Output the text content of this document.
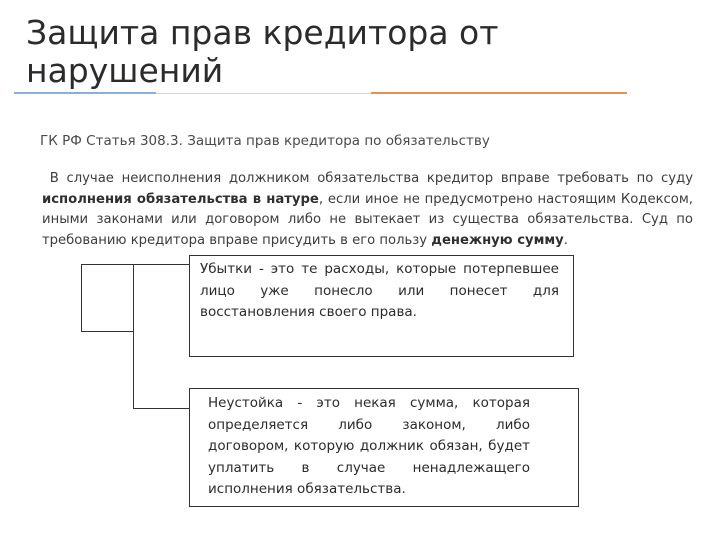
Защита прав кредитора от
нарушений
ГК РФ Статья 308.3. Защита прав кредитора по обязательству
В случае неисполнения должником обязательства кредитор вправе требовать по суду исполнения обязательства в натуре, если иное не предусмотрено настоящим Кодексом, иными законами или договором либо не вытекает из существа обязательства. Суд по требованию кредитора вправе присудить в его пользу денежную сумму.
Убытки - это те расходы, которые потерпевшее лицо уже понесло или понесет для восстановления своего права.

Неустойка - это некая сумма, которая определяется либо законом, либо договором, которую должник обязан, будет уплатить в случае ненадлежащего исполнения обязательства.
